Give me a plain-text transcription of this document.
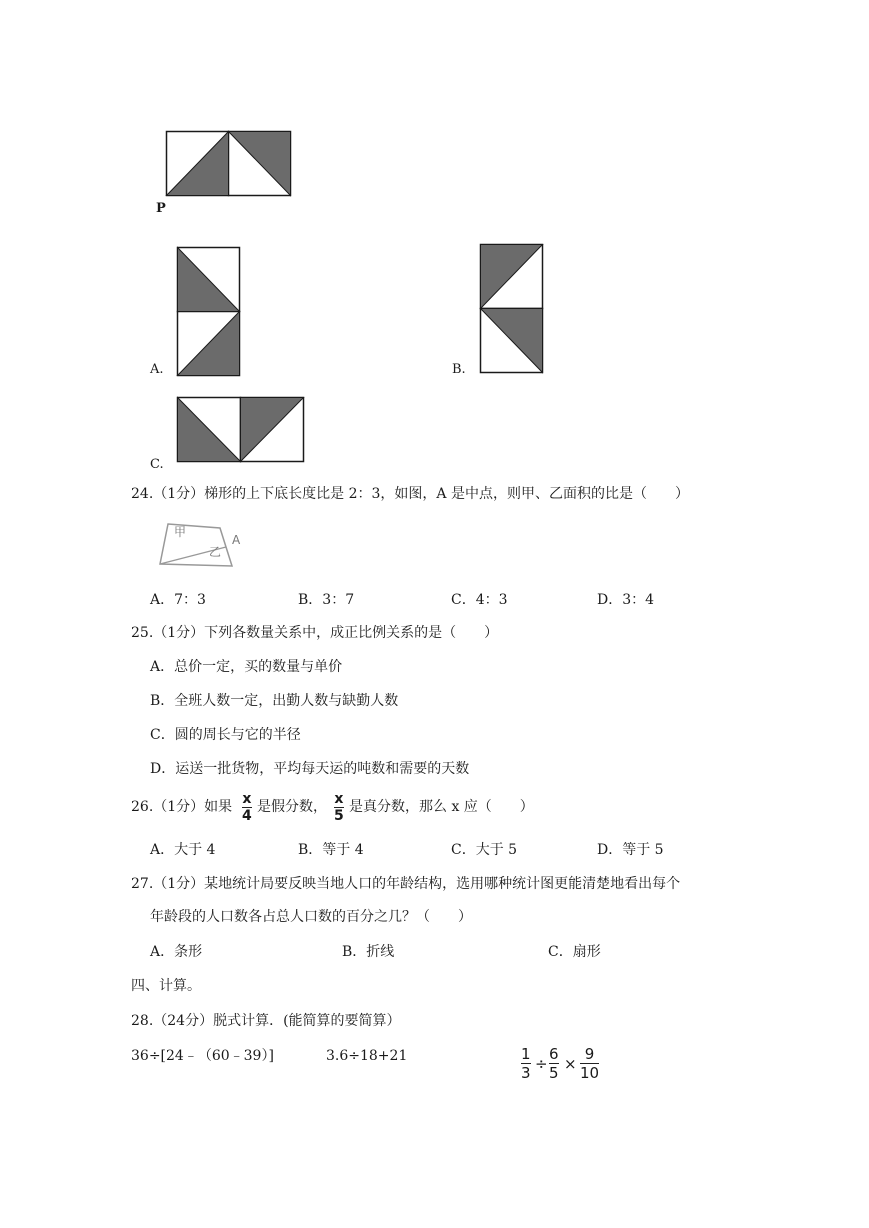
P
A.	B.
C.
24.（1分）梯形的上下底长度比是 2：3，如图，A 是中点，则甲、乙面积的比是（　　）
甲
乙
A
A．7：3	B．3：7	C．4：3	D．3：4
25.（1分）下列各数量关系中，成正比例关系的是（　　）
A．总价一定，买的数量与单价
B．全班人数一定，出勤人数与缺勤人数
C．圆的周长与它的半径
D．运送一批货物，平均每天运的吨数和需要的天数
26.（1分）如果 x
4
是假分数， x
5
是真分数，那么 x 应（　　）
A．大于 4	B．等于 4	C．大于 5	D．等于 5
27.（1分）某地统计局要反映当地人口的年龄结构，选用哪种统计图更能清楚地看出每个
年龄段的人口数各占总人口数的百分之几？（　　）
A．条形	B．折线	C．扇形
四、计算。
28.（24分）脱式计算．(能简算的要简算）
36÷[24﹣（60﹣39）]	3.6÷18+21	1
3 ÷
6
5 ×
9
10
